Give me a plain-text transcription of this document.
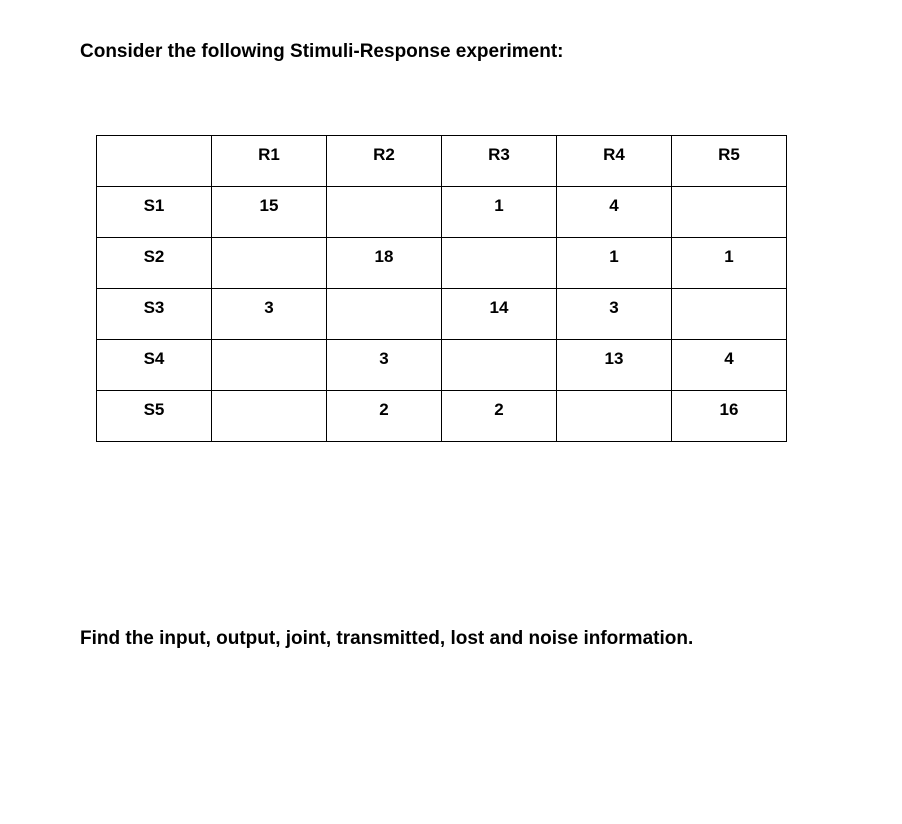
Consider the following Stimuli-Response experiment:
	R1	R2	R3	R4	R5
S1	15		1	4	
S2		18		1	1
S3	3		14	3	
S4		3		13	4
S5		2	2		16
Find the input, output, joint, transmitted, lost and noise information.
